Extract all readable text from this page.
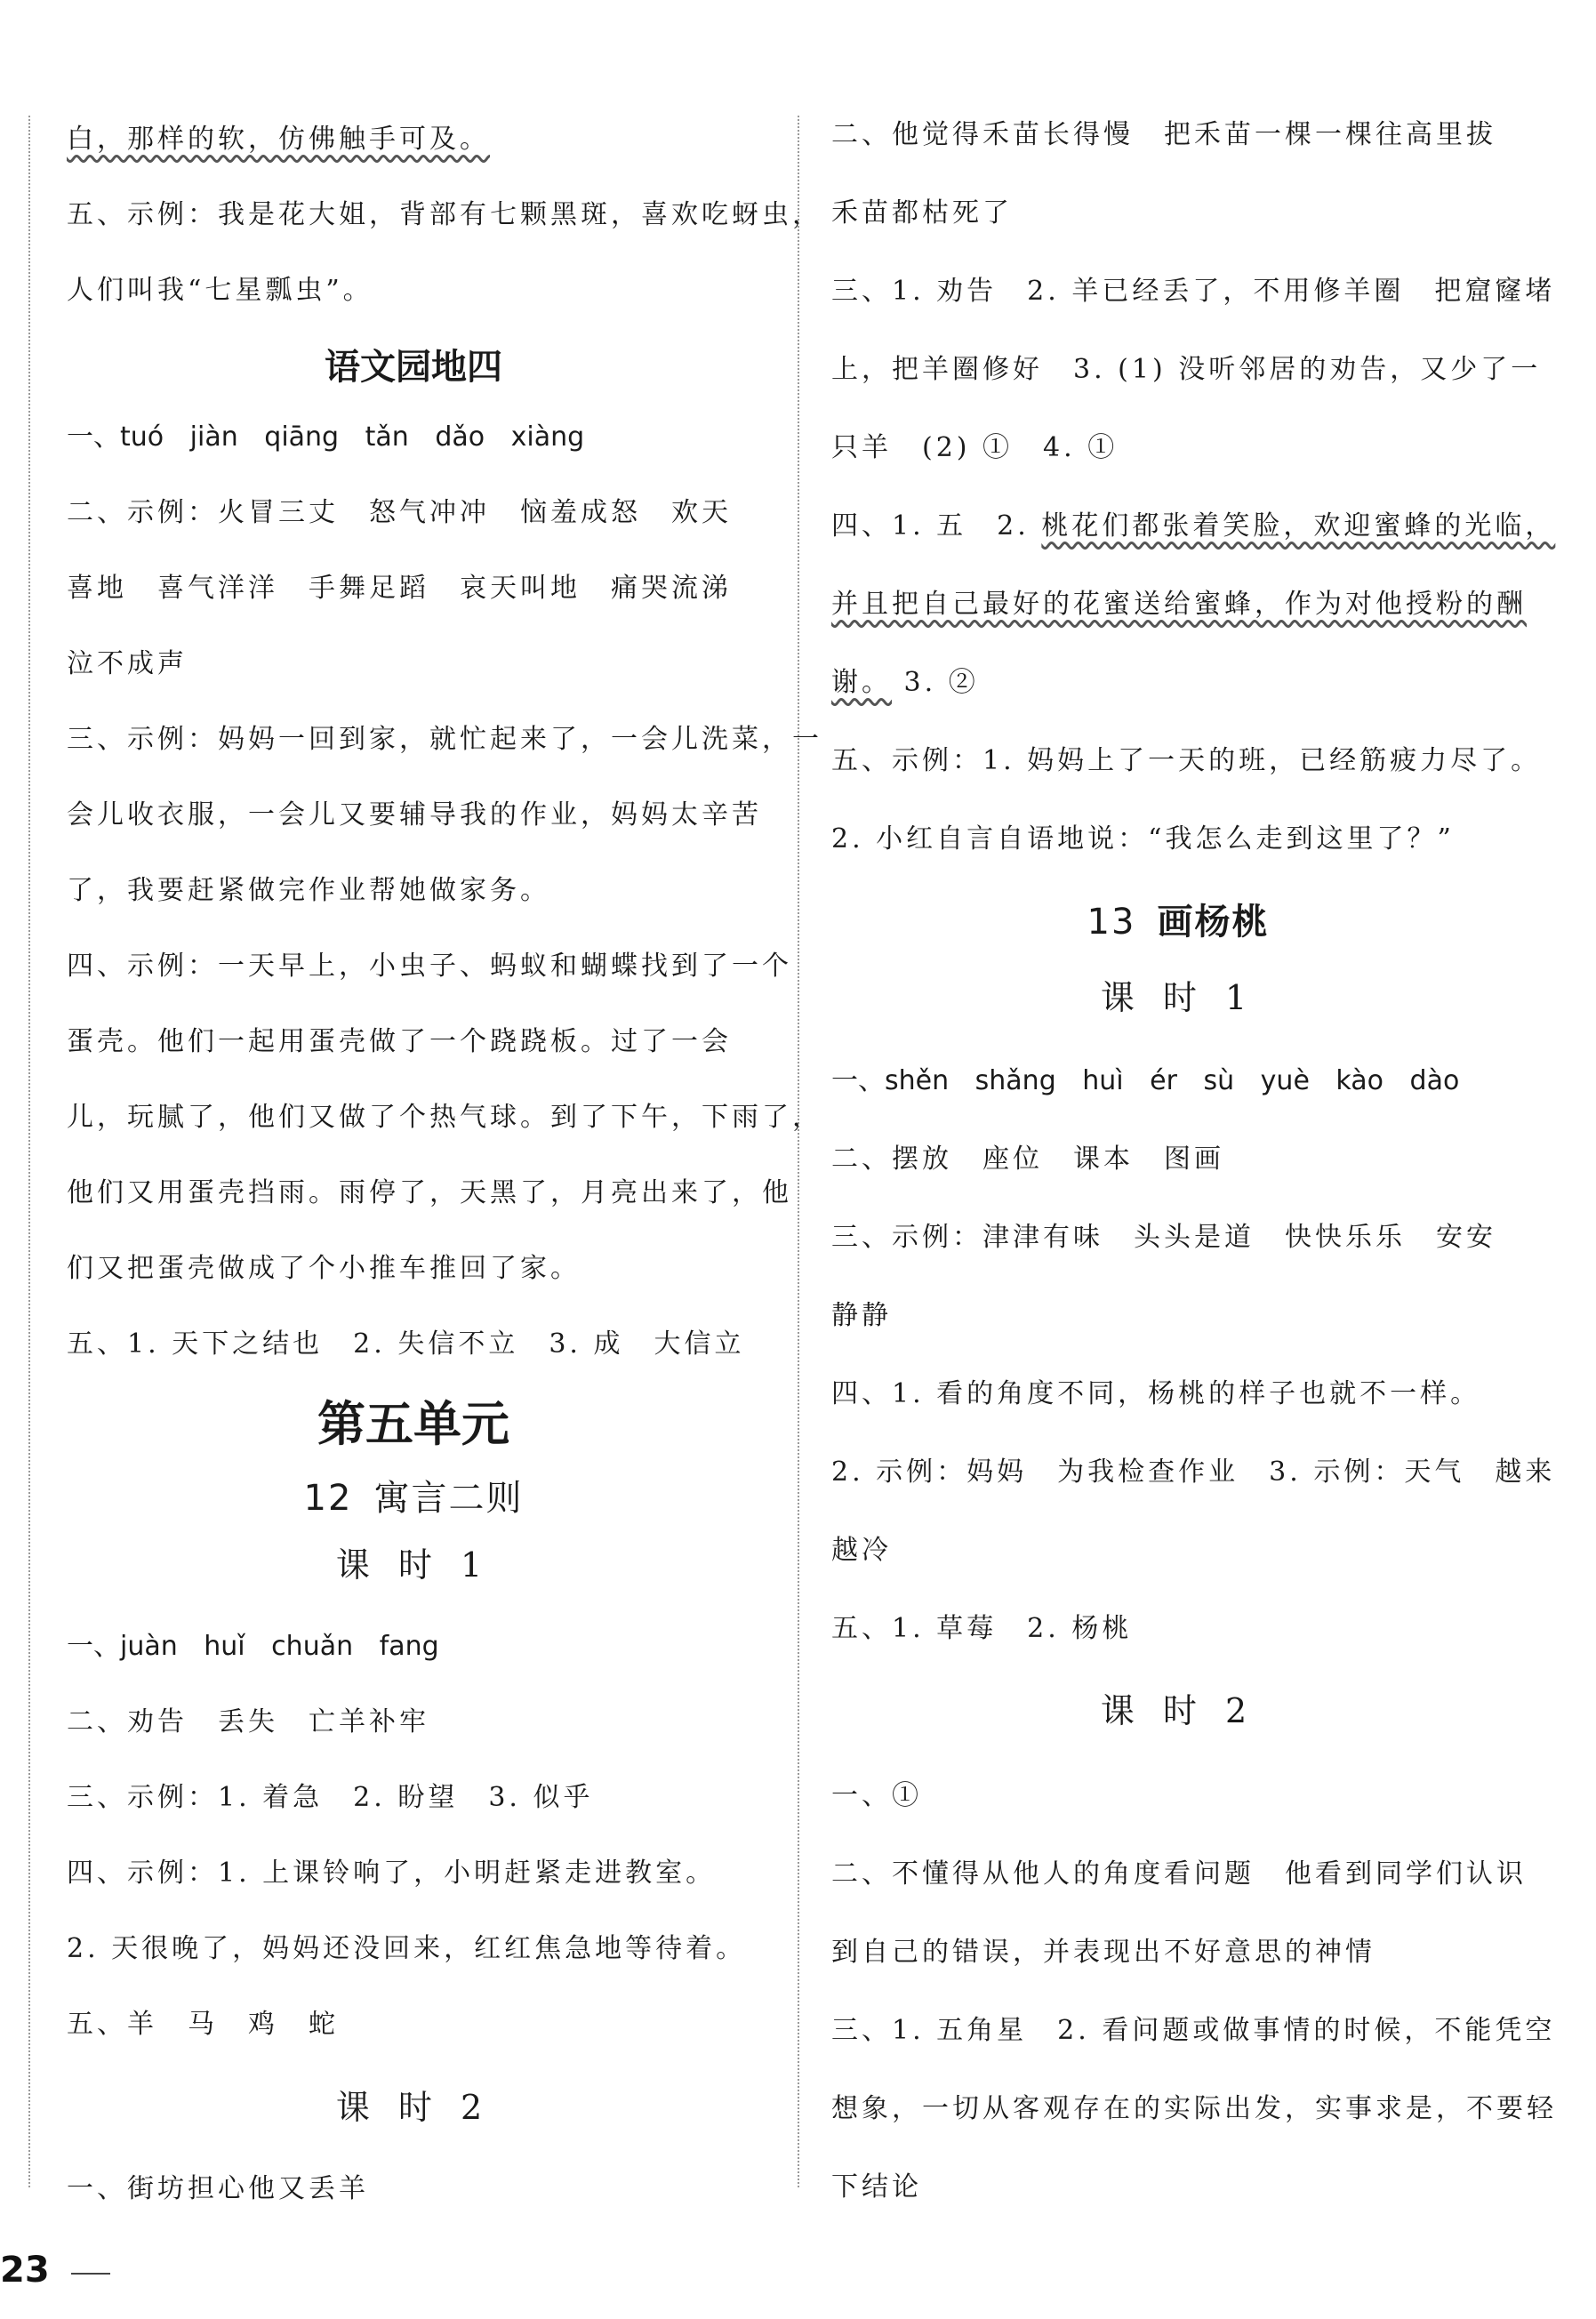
白，那样的软，仿佛触手可及。
五、示例：我是花大姐，背部有七颗黑斑，喜欢吃蚜虫，
人们叫我“七星瓢虫”。
语文园地四
一、tuó jiàn qiāng tǎn dǎo xiàng
二、示例：火冒三丈　怒气冲冲　恼羞成怒　欢天
喜地　喜气洋洋　手舞足蹈　哀天叫地　痛哭流涕
泣不成声
三、示例：妈妈一回到家，就忙起来了，一会儿洗菜，一
会儿收衣服，一会儿又要辅导我的作业，妈妈太辛苦
了，我要赶紧做完作业帮她做家务。
四、示例：一天早上，小虫子、蚂蚁和蝴蝶找到了一个
蛋壳。他们一起用蛋壳做了一个跷跷板。过了一会
儿，玩腻了，他们又做了个热气球。到了下午，下雨了，
他们又用蛋壳挡雨。雨停了，天黑了，月亮出来了，他
们又把蛋壳做成了个小推车推回了家。
五、1. 天下之结也　2. 失信不立　3. 成　大信立
第五单元
12 寓言二则
课 时 1
一、juàn huǐ chuǎn fang
二、劝告　丢失　亡羊补牢
三、示例：1. 着急　2. 盼望　3. 似乎
四、示例：1. 上课铃响了，小明赶紧走进教室。
2. 天很晚了，妈妈还没回来，红红焦急地等待着。
五、羊　马　鸡　蛇
课 时 2
一、街坊担心他又丢羊
二、他觉得禾苗长得慢　把禾苗一棵一棵往高里拔
禾苗都枯死了
三、1. 劝告　2. 羊已经丢了，不用修羊圈　把窟窿堵
上，把羊圈修好　3. (1) 没听邻居的劝告，又少了一
只羊　(2) ①　4. ①
四、1. 五　2. 桃花们都张着笑脸，欢迎蜜蜂的光临，
并且把自己最好的花蜜送给蜜蜂，作为对他授粉的酬
谢。 3. ②
五、示例：1. 妈妈上了一天的班，已经筋疲力尽了。
2. 小红自言自语地说：“我怎么走到这里了？”
13 画杨桃
课 时 1
一、shěn shǎng huì ér sù yuè kào dào
二、摆放　座位　课本　图画
三、示例：津津有味　头头是道　快快乐乐　安安
静静
四、1. 看的角度不同，杨桃的样子也就不一样。
2. 示例：妈妈　为我检查作业　3. 示例：天气　越来
越冷
五、1. 草莓　2. 杨桃
课 时 2
一、①
二、不懂得从他人的角度看问题　他看到同学们认识
到自己的错误，并表现出不好意思的神情
三、1. 五角星　2. 看问题或做事情的时候，不能凭空
想象，一切从客观存在的实际出发，实事求是，不要轻
下结论
23
